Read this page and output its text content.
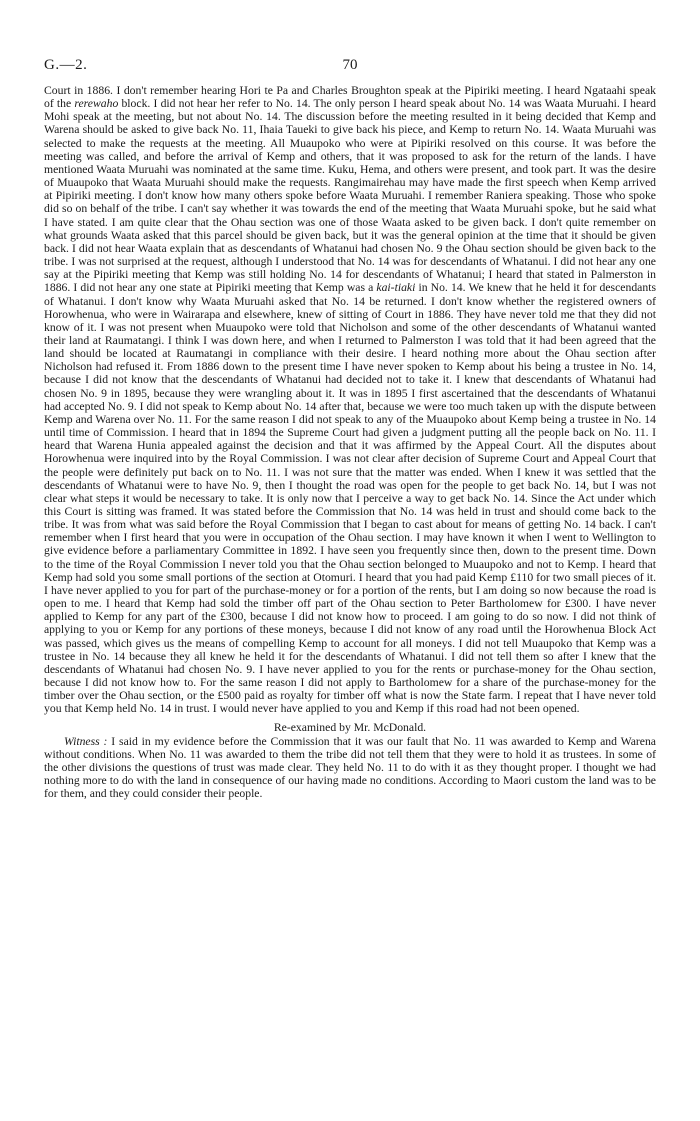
G.—2.	70

Court in 1886. I don't remember hearing Hori te Pa and Charles Broughton speak at the Pipiriki meeting. I heard Ngataahi speak of the rerewaho block. I did not hear her refer to No. 14. The only person I heard speak about No. 14 was Waata Muruahi. I heard Mohi speak at the meeting, but not about No. 14. The discussion before the meeting resulted in it being decided that Kemp and Warena should be asked to give back No. 11, Ihaia Taueki to give back his piece, and Kemp to return No. 14. Waata Muruahi was selected to make the requests at the meeting. All Muaupoko who were at Pipiriki resolved on this course. It was before the meeting was called, and before the arrival of Kemp and others, that it was proposed to ask for the return of the lands. I have mentioned Waata Muruahi was nominated at the same time. Kuku, Hema, and others were present, and took part. It was the desire of Muaupoko that Waata Muruahi should make the requests. Rangimairehau may have made the first speech when Kemp arrived at Pipiriki meeting. I don't know how many others spoke before Waata Muruahi. I remember Raniera speaking. Those who spoke did so on behalf of the tribe. I can't say whether it was towards the end of the meeting that Waata Muruahi spoke, but he said what I have stated. I am quite clear that the Ohau section was one of those Waata asked to be given back. I don't quite remember on what grounds Waata asked that this parcel should be given back, but it was the general opinion at the time that it should be given back. I did not hear Waata explain that as descendants of Whatanui had chosen No. 9 the Ohau section should be given back to the tribe. I was not surprised at the request, although I understood that No. 14 was for descendants of Whatanui. I did not hear any one say at the Pipiriki meeting that Kemp was still holding No. 14 for descendants of Whatanui; I heard that stated in Palmerston in 1886. I did not hear any one state at Pipiriki meeting that Kemp was a kai-tiaki in No. 14. We knew that he held it for descendants of Whatanui. I don't know why Waata Muruahi asked that No. 14 be returned. I don't know whether the registered owners of Horowhenua, who were in Wairarapa and elsewhere, knew of sitting of Court in 1886. They have never told me that they did not know of it. I was not present when Muaupoko were told that Nicholson and some of the other descendants of Whatanui wanted their land at Raumatangi. I think I was down here, and when I returned to Palmerston I was told that it had been agreed that the land should be located at Raumatangi in compliance with their desire. I heard nothing more about the Ohau section after Nicholson had refused it. From 1886 down to the present time I have never spoken to Kemp about his being a trustee in No. 14, because I did not know that the descendants of Whatanui had decided not to take it. I knew that descendants of Whatanui had chosen No. 9 in 1895, because they were wrangling about it. It was in 1895 I first ascertained that the descendants of Whatanui had accepted No. 9. I did not speak to Kemp about No. 14 after that, because we were too much taken up with the dispute between Kemp and Warena over No. 11. For the same reason I did not speak to any of the Muaupoko about Kemp being a trustee in No. 14 until time of Commission. I heard that in 1894 the Supreme Court had given a judgment putting all the people back on No. 11. I heard that Warena Hunia appealed against the decision and that it was affirmed by the Appeal Court. All the disputes about Horowhenua were inquired into by the Royal Commission. I was not clear after decision of Supreme Court and Appeal Court that the people were definitely put back on to No. 11. I was not sure that the matter was ended. When I knew it was settled that the descendants of Whatanui were to have No. 9, then I thought the road was open for the people to get back No. 14, but I was not clear what steps it would be necessary to take. It is only now that I perceive a way to get back No. 14. Since the Act under which this Court is sitting was framed. It was stated before the Commission that No. 14 was held in trust and should come back to the tribe. It was from what was said before the Royal Commission that I began to cast about for means of getting No. 14 back. I can't remember when I first heard that you were in occupation of the Ohau section. I may have known it when I went to Wellington to give evidence before a parliamentary Committee in 1892. I have seen you frequently since then, down to the present time. Down to the time of the Royal Commission I never told you that the Ohau section belonged to Muaupoko and not to Kemp. I heard that Kemp had sold you some small portions of the section at Otomuri. I heard that you had paid Kemp £110 for two small pieces of it. I have never applied to you for part of the purchase-money or for a portion of the rents, but I am doing so now because the road is open to me. I heard that Kemp had sold the timber off part of the Ohau section to Peter Bartholomew for £300. I have never applied to Kemp for any part of the £300, because I did not know how to proceed. I am going to do so now. I did not think of applying to you or Kemp for any portions of these moneys, because I did not know of any road until the Horowhenua Block Act was passed, which gives us the means of compelling Kemp to account for all moneys. I did not tell Muaupoko that Kemp was a trustee in No. 14 because they all knew he held it for the descendants of Whatanui. I did not tell them so after I knew that the descendants of Whatanui had chosen No. 9. I have never applied to you for the rents or purchase-money for the Ohau section, because I did not know how to. For the same reason I did not apply to Bartholomew for a share of the purchase-money for the timber over the Ohau section, or the £500 paid as royalty for timber off what is now the State farm. I repeat that I have never told you that Kemp held No. 14 in trust. I would never have applied to you and Kemp if this road had not been opened.

Re-examined by Mr. McDonald.

Witness : I said in my evidence before the Commission that it was our fault that No. 11 was awarded to Kemp and Warena without conditions. When No. 11 was awarded to them the tribe did not tell them that they were to hold it as trustees. In some of the other divisions the questions of trust was made clear. They held No. 11 to do with it as they thought proper. I thought we had nothing more to do with the land in consequence of our having made no conditions. According to Maori custom the land was to be for them, and they could consider their people.
